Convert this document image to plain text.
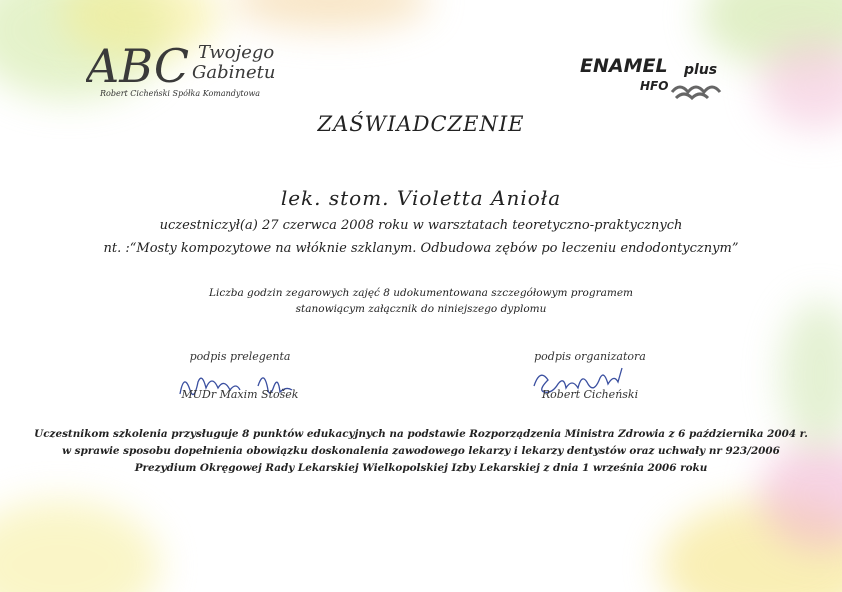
ABC Twojego
Gabinetu
Robert Cicheński Spółka Komandytowa
ENAMEL plus
HFO
ZAŚWIADCZENIE
lek. stom. Violetta Anioła
uczestniczył(a) 27 czerwca 2008 roku w warsztatach teoretyczno-praktycznych
nt. :“Mosty kompozytowe na włóknie szklanym. Odbudowa zębów po leczeniu endodontycznym”
Liczba godzin zegarowych zajęć 8 udokumentowana szczegółowym programem
stanowiącym załącznik do niniejszego dyplomu
podpis prelegenta
MUDr Maxim Stošek
podpis organizatora
Robert Cicheński
Uczestnikom szkolenia przysługuje 8 punktów edukacyjnych na podstawie Rozporządzenia Ministra Zdrowia z 6 października 2004 r.
w sprawie sposobu dopełnienia obowiązku doskonalenia zawodowego lekarzy i lekarzy dentystów oraz uchwały nr 923/2006
Prezydium Okręgowej Rady Lekarskiej Wielkopolskiej Izby Lekarskiej z dnia 1 września 2006 roku
